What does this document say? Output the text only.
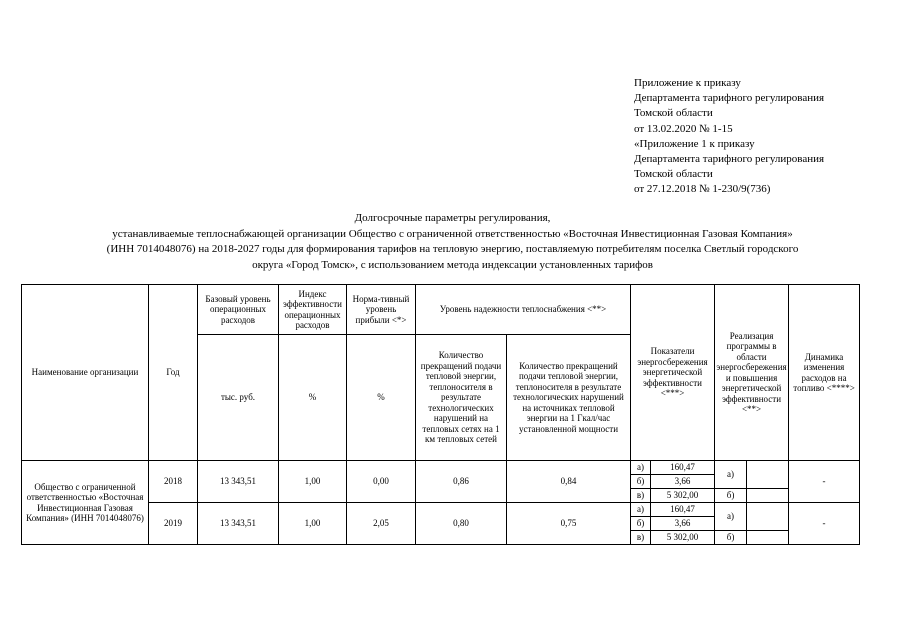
Приложение к приказу
Департамента тарифного регулирования
Томской области
от 13.02.2020 № 1-15
«Приложение 1 к приказу
Департамента тарифного регулирования
Томской области
от 27.12.2018 № 1-230/9(736)
Долгосрочные параметры регулирования,
устанавливаемые теплоснабжающей организации Общество с ограниченной ответственностью «Восточная Инвестиционная Газовая Компания»
(ИНН 7014048076) на 2018-2027 годы для формирования тарифов на тепловую энергию, поставляемую потребителям поселка Светлый городского
округа «Город Томск», с использованием метода индексации установленных тарифов
Наименование организации	Год	Базовый уровень операционных расходов	Индекс эффективности операционных расходов	Норма-тивный уровень прибыли <*>	Уровень надежности теплоснабжения <**>		Показатели энергосбережения энергетической эффективности <***>		Реализация программы в области энергосбережения и повышения энергетической эффективности <**>		Динамика изменения расходов на топливо <****>
		тыс. руб.	%	%	Количество прекращений подачи тепловой энергии, теплоносителя в результате технологических нарушений на тепловых сетях на 1 км тепловых сетей	Количество прекращений подачи тепловой энергии, теплоносителя в результате технологических нарушений на источниках тепловой энергии на 1 Гкал/час установленной мощности					
Общество с ограниченной ответственностью «Восточная Инвестиционная Газовая Компания» (ИНН 7014048076)	2018	13 343,51	1,00	0,00	0,86	0,84	а)	160,47	а)		-
							б)	3,66			
							в)	5 302,00	б)		
	2019	13 343,51	1,00	2,05	0,80	0,75	а)	160,47	а)		-
							б)	3,66			
							в)	5 302,00	б)		
